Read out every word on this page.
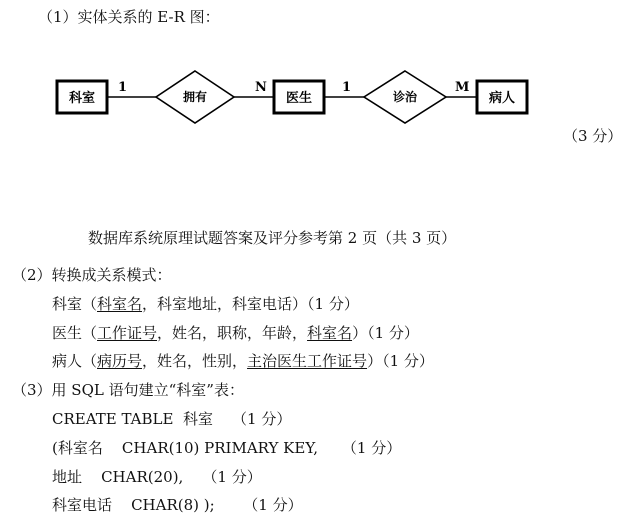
（1）实体关系的 E-R 图：
科室	拥有	医生	诊治	病人
1	N	1	M
（3 分）
数据库系统原理试题答案及评分参考第 2 页（共 3 页）
（2）转换成关系模式：
科室（科室名，科室地址，科室电话）（1 分）
医生（工作证号，姓名，职称，年龄，科室名）（1 分）
病人（病历号，姓名，性别，主治医生工作证号）（1 分）
（3）用 SQL 语句建立“科室”表：
CREATE TABLE  科室    （1 分）
(科室名    CHAR(10) PRIMARY KEY,     （1 分）
地址    CHAR(20),    （1 分）
科室电话    CHAR(8) );      （1 分）
